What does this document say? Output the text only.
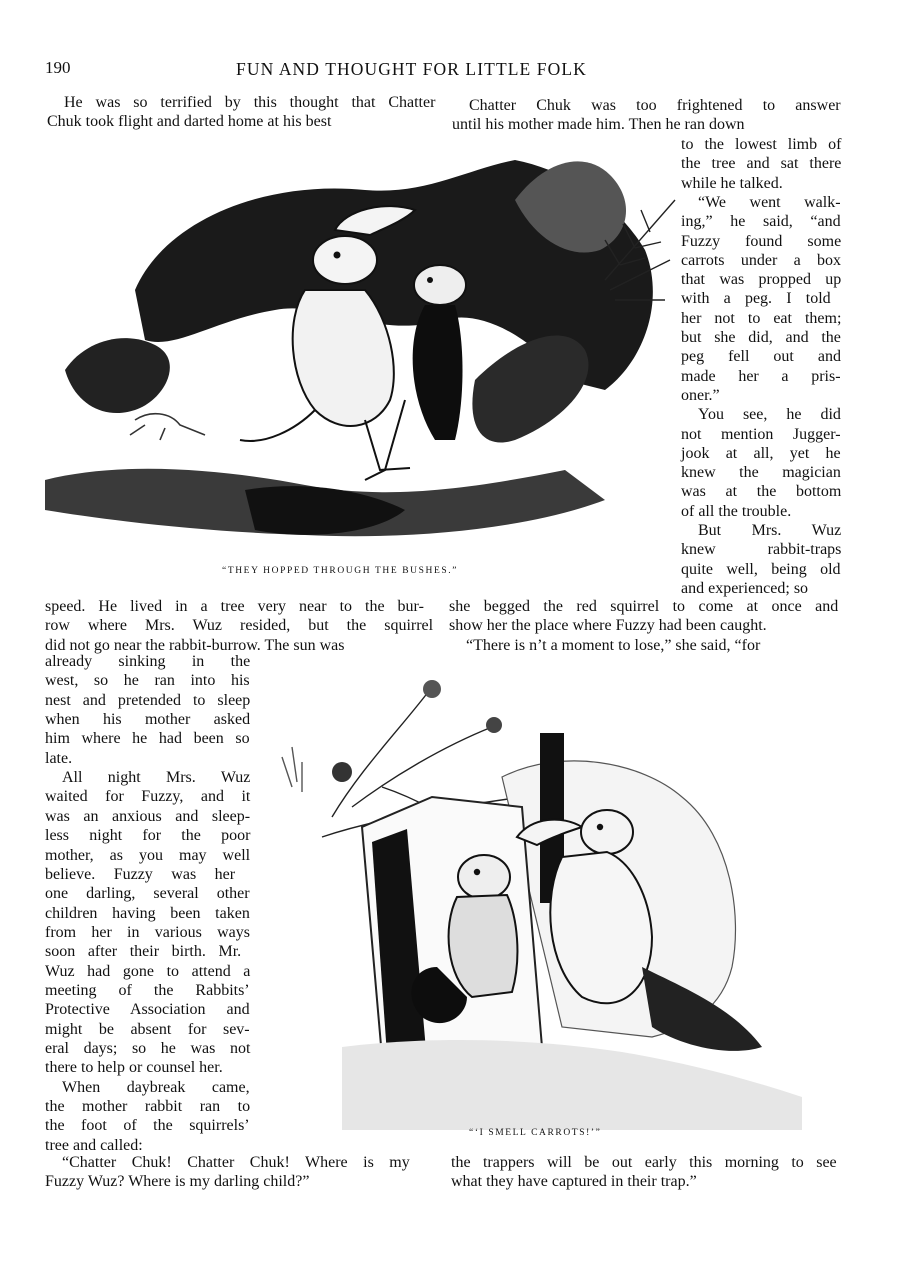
190	FUN AND THOUGHT FOR LITTLE FOLK
“THEY HOPPED THROUGH THE BUSHES.”
“‘I SMELL CARROTS!’”
He was so terrified by this thought that Chatter
Chuk took flight and darted home at his best
Chatter Chuk was too frightened to answer
until his mother made him. Then he ran down
to the lowest limb of
the tree and sat there
while he talked.
“We went walk-
ing,” he said, “and
Fuzzy found some
carrots under a box
that was propped up
with a peg. I told
her not to eat them;
but she did, and the
peg fell out and
made her a pris-
oner.”
You see, he did
not mention Jugger-
jook at all, yet he
knew the magician
was at the bottom
of all the trouble.
But Mrs. Wuz
knew rabbit-traps
quite well, being old
and experienced; so
speed. He lived in a tree very near to the bur-
row where Mrs. Wuz resided, but the squirrel
did not go near the rabbit-burrow. The sun was
she begged the red squirrel to come at once and
show her the place where Fuzzy had been caught.
“There is n’t a moment to lose,” she said, “for
already sinking in the
west, so he ran into his
nest and pretended to sleep
when his mother asked
him where he had been so
late.
All night Mrs. Wuz
waited for Fuzzy, and it
was an anxious and sleep-
less night for the poor
mother, as you may well
believe. Fuzzy was her
one darling, several other
children having been taken
from her in various ways
soon after their birth. Mr.
Wuz had gone to attend a
meeting of the Rabbits’
Protective Association and
might be absent for sev-
eral days; so he was not
there to help or counsel her.
When daybreak came,
the mother rabbit ran to
the foot of the squirrels’
tree and called:
“Chatter Chuk! Chatter Chuk! Where is my
Fuzzy Wuz? Where is my darling child?”
the trappers will be out early this morning to see
what they have captured in their trap.”
